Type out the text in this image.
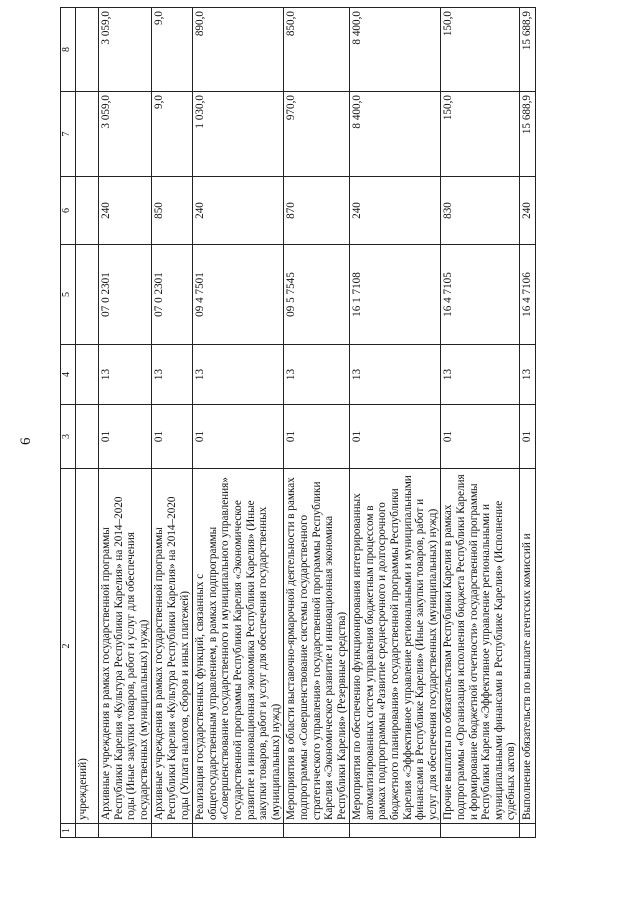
6
1	2	3	4	5	6	7	8
	учреждений)						
	Архивные учреждения в рамках государственной программы Республики Карелия «Культура Республики Карелия» на 2014–2020 годы (Иные закупки товаров, работ и услуг для обеспечения государственных (муниципальных) нужд)	01	13	07 0 2301	240	3 059,0	3 059,0
	Архивные учреждения в рамках государственной программы Республики Карелия «Культура Республики Карелия» на 2014–2020 годы (Уплата налогов, сборов и иных платежей)	01	13	07 0 2301	850	9,0	9,0
	Реализация государственных функций, связанных с общегосударственным управлением, в рамках подпрограммы «Совершенствование государственного и муниципального управления» государственной программы Республики Карелия «Экономическое развитие и инновационная экономика Республики Карелия» (Иные закупки товаров, работ и услуг для обеспечения государственных (муниципальных) нужд)	01	13	09 4 7501	240	1 030,0	890,0
	Мероприятия в области выставочно-ярмарочной деятельности в рамках подпрограммы «Совершенствование системы государственного стратегического управления» государственной программы Республики Карелия «Экономическое развитие и инновационная экономика Республики Карелия» (Резервные средства)	01	13	09 5 7545	870	970,0	850,0
	Мероприятия по обеспечению функционирования интегрированных автоматизированных систем управления бюджетным процессом в рамках подпрограммы «Развитие среднесрочного и долгосрочного бюджетного планирования» государственной программы Республики Карелия «Эффективное управление региональными и муниципальными финансами в Республике Карелия» (Иные закупки товаров, работ и услуг для обеспечения государственных (муниципальных) нужд)	01	13	16 1 7108	240	8 400,0	8 400,0
	Прочие выплаты по обязательствам Республики Карелия в рамках подпрограммы «Организация исполнения бюджета Республики Карелия и формирование бюджетной отчетности» государственной программы Республики Карелия «Эффективное управление региональными и муниципальными финансами в Республике Карелия» (Исполнение судебных актов)	01	13	16 4 7105	830	150,0	150,0
	Выполнение обязательств по выплате агентских комиссий и	01	13	16 4 7106	240	15 688,9	15 688,9
